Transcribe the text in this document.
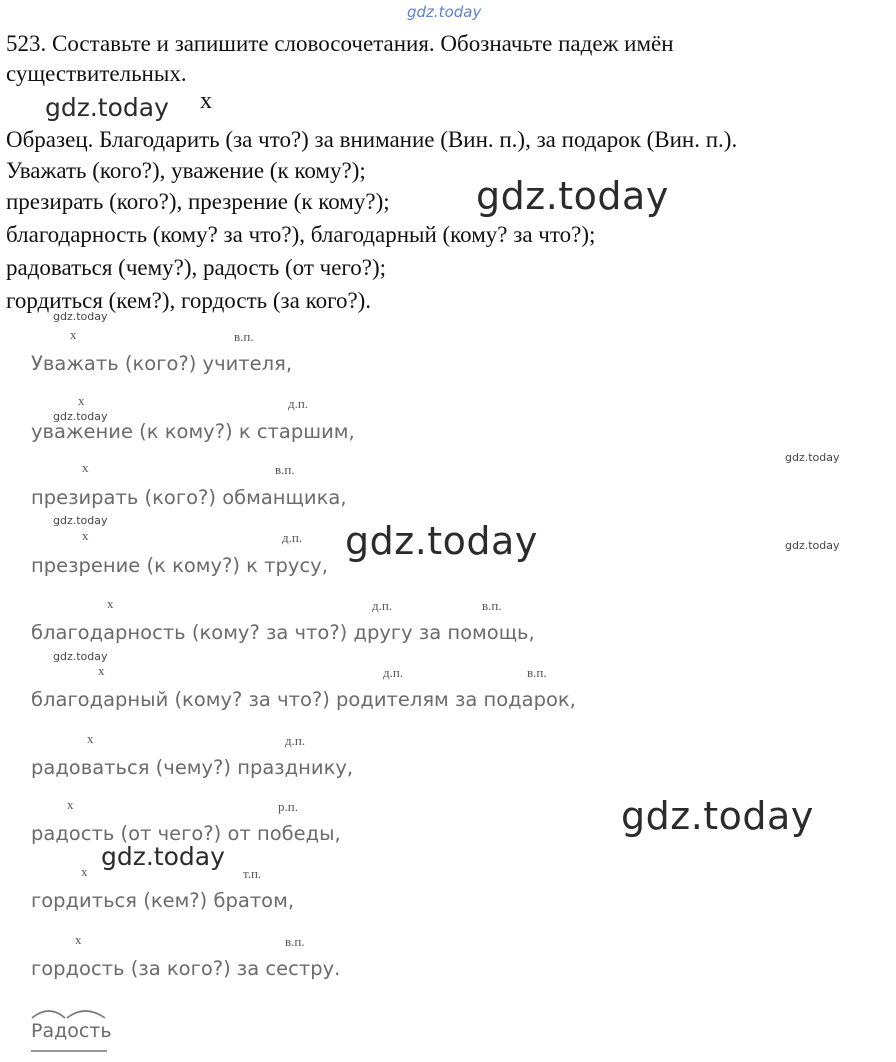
gdz.today
523. Составьте и запишите словосочетания. Обозначьте падеж имён
существительных.
gdz.today x
Образец. Благодарить (за что?) за внимание (Вин. п.), за подарок (Вин. п.).
Уважать (кого?), уважение (к кому?);
презирать (кого?), презрение (к кому?); gdz.today
благодарность (кому? за что?), благодарный (кому? за что?);
радоваться (чему?), радость (от чего?);
гордиться (кем?), гордость (за кого?).
gdz.today
gdz.today
gdz.today
gdz.today
gdz.today
gdz.today
gdz.today
gdz.today
gdz.today
х	в.п.
Уважать (кого?) учителя,
х	д.п.
уважение (к кому?) к старшим,
х	в.п.
презирать (кого?) обманщика,
х	д.п.
презрение (к кому?) к трусу,
х	д.п.	в.п.
благодарность (кому? за что?) другу за помощь,
х	д.п.	в.п.
благодарный (кому? за что?) родителям за подарок,
х	д.п.
радоваться (чему?) празднику,
х	р.п.
радость (от чего?) от победы,
х	т.п.
гордиться (кем?) братом,
х	в.п.
гордость (за кого?) за сестру.
Радость
